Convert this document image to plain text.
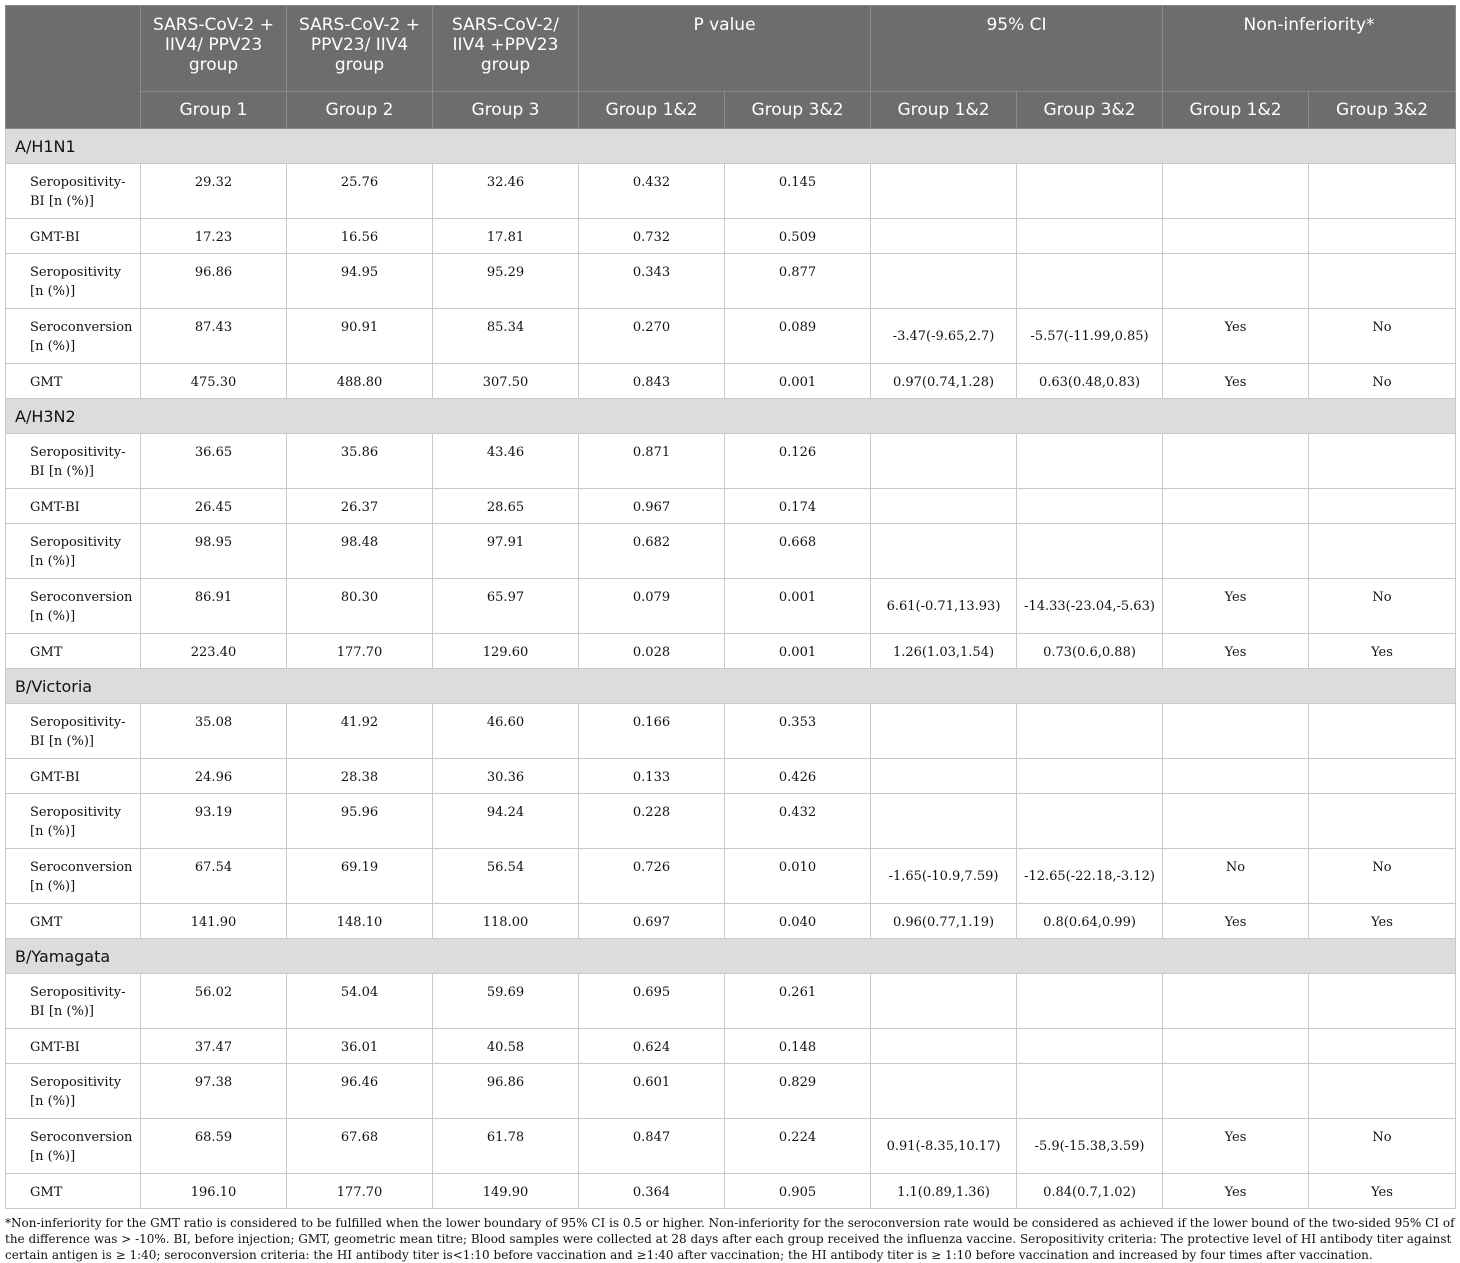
	SARS-CoV-2 + IIV4/ PPV23 group	SARS-CoV-2 + PPV23/ IIV4 group	SARS-CoV-2/ IIV4 +PPV23 group	P value		95% CI		Non-inferiority*	
	Group 1	Group 2	Group 3	Group 1&2	Group 3&2	Group 1&2	Group 3&2	Group 1&2	Group 3&2
A/H1N1									
Seropositivity-BI [n (%)]	29.32	25.76	32.46	0.432	0.145				
GMT-BI	17.23	16.56	17.81	0.732	0.509				
Seropositivity [n (%)]	96.86	94.95	95.29	0.343	0.877				
Seroconversion [n (%)]	87.43	90.91	85.34	0.270	0.089	-3.47(-9.65,2.7)	-5.57(-11.99,0.85)	Yes	No
GMT	475.30	488.80	307.50	0.843	0.001	0.97(0.74,1.28)	0.63(0.48,0.83)	Yes	No
A/H3N2									
Seropositivity-BI [n (%)]	36.65	35.86	43.46	0.871	0.126				
GMT-BI	26.45	26.37	28.65	0.967	0.174				
Seropositivity [n (%)]	98.95	98.48	97.91	0.682	0.668				
Seroconversion [n (%)]	86.91	80.30	65.97	0.079	0.001	6.61(-0.71,13.93)	-14.33(-23.04,-5.63)	Yes	No
GMT	223.40	177.70	129.60	0.028	0.001	1.26(1.03,1.54)	0.73(0.6,0.88)	Yes	Yes
B/Victoria									
Seropositivity-BI [n (%)]	35.08	41.92	46.60	0.166	0.353				
GMT-BI	24.96	28.38	30.36	0.133	0.426				
Seropositivity [n (%)]	93.19	95.96	94.24	0.228	0.432				
Seroconversion [n (%)]	67.54	69.19	56.54	0.726	0.010	-1.65(-10.9,7.59)	-12.65(-22.18,-3.12)	No	No
GMT	141.90	148.10	118.00	0.697	0.040	0.96(0.77,1.19)	0.8(0.64,0.99)	Yes	Yes
B/Yamagata									
Seropositivity-BI [n (%)]	56.02	54.04	59.69	0.695	0.261				
GMT-BI	37.47	36.01	40.58	0.624	0.148				
Seropositivity [n (%)]	97.38	96.46	96.86	0.601	0.829				
Seroconversion [n (%)]	68.59	67.68	61.78	0.847	0.224	0.91(-8.35,10.17)	-5.9(-15.38,3.59)	Yes	No
GMT	196.10	177.70	149.90	0.364	0.905	1.1(0.89,1.36)	0.84(0.7,1.02)	Yes	Yes
*Non-inferiority for the GMT ratio is considered to be fulfilled when the lower boundary of 95% CI is 0.5 or higher. Non-inferiority for the seroconversion rate would be considered as achieved if the lower bound of the two-sided 95% CI of the difference was > -10%. BI, before injection; GMT, geometric mean titre; Blood samples were collected at 28 days after each group received the influenza vaccine. Seropositivity criteria: The protective level of HI antibody titer against certain antigen is ≥ 1:40; seroconversion criteria: the HI antibody titer is<1:10 before vaccination and ≥1:40 after vaccination; the HI antibody titer is ≥ 1:10 before vaccination and increased by four times after vaccination.
